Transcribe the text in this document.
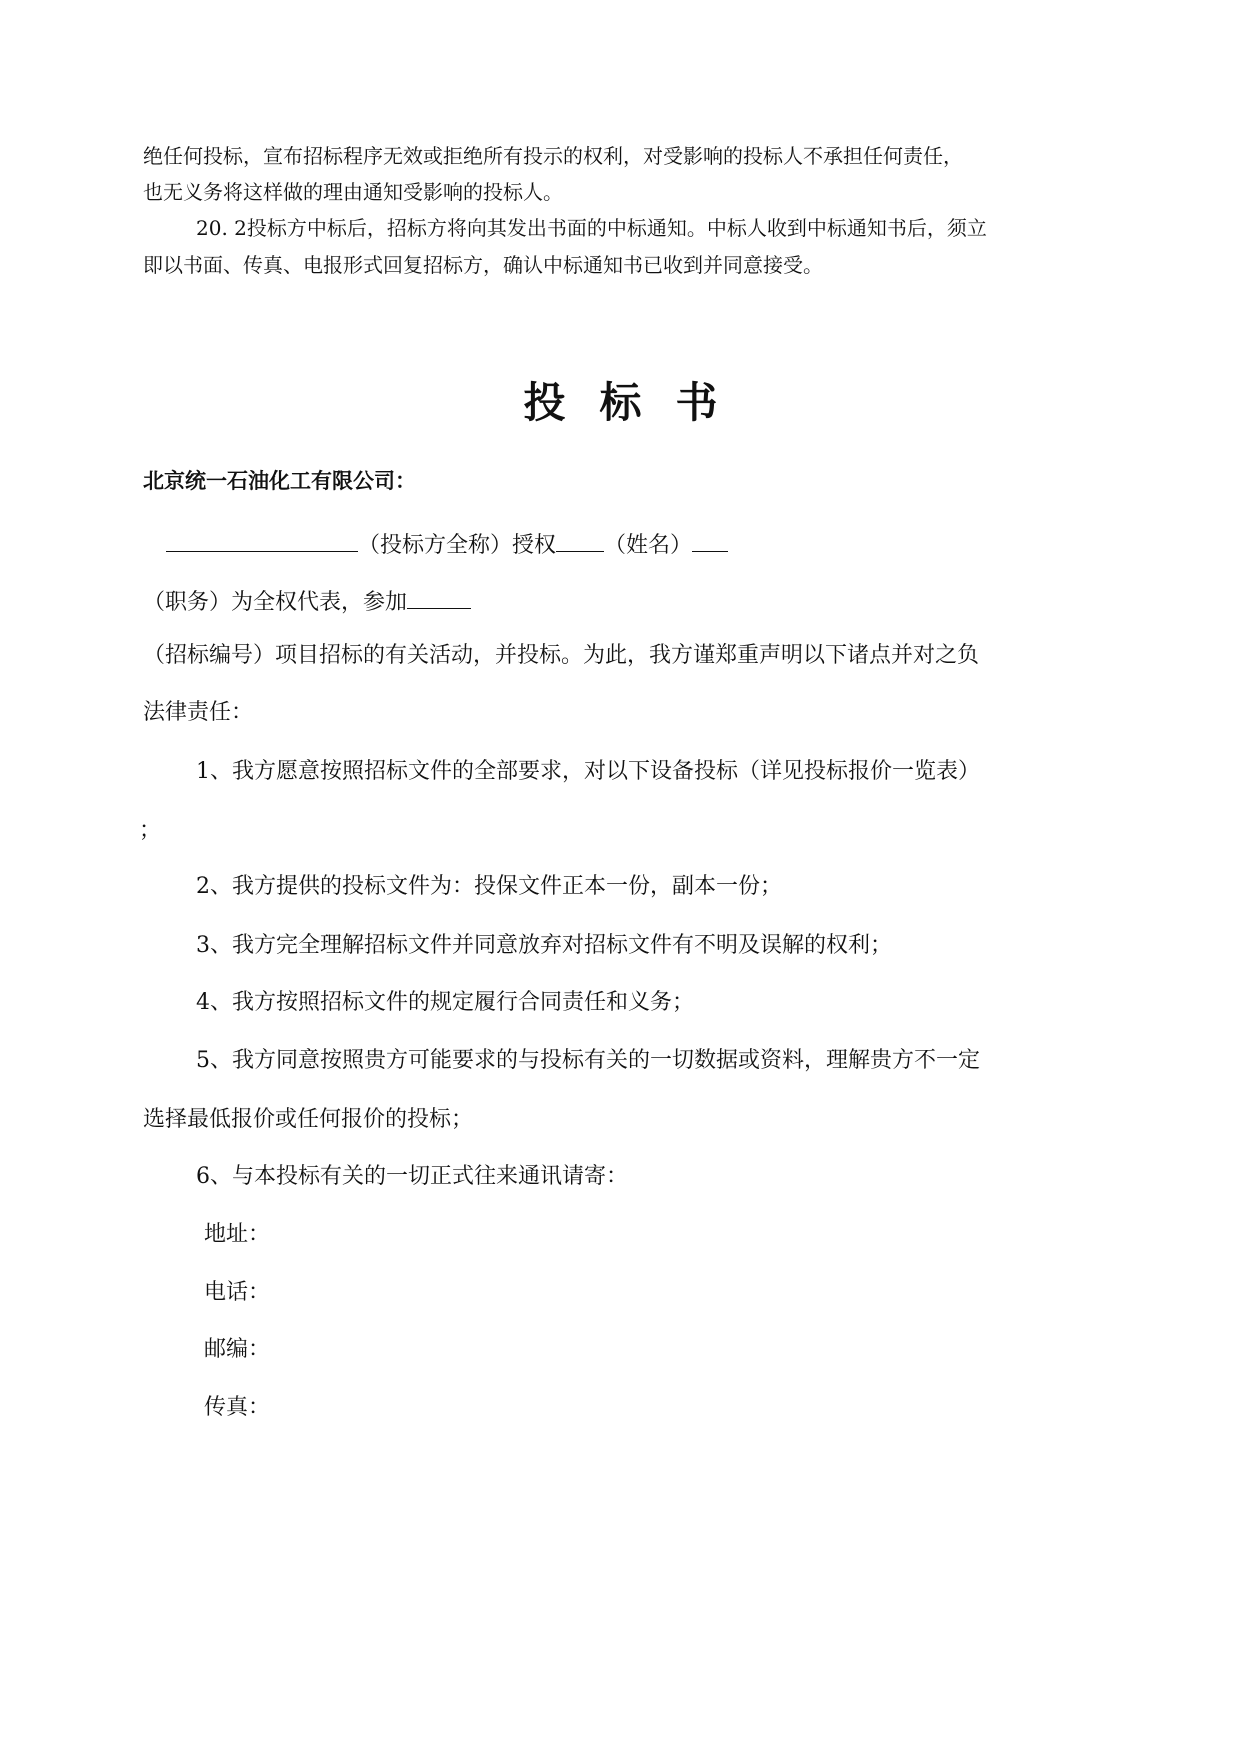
绝任何投标，宣布招标程序无效或拒绝所有投示的权利，对受影响的投标人不承担任何责任，

也无义务将这样做的理由通知受影响的投标人。

20. 2投标方中标后，招标方将向其发出书面的中标通知。中标人收到中标通知书后，须立

即以书面、传真、电报形式回复招标方，确认中标通知书已收到并同意接受。

投标书

北京统一石油化工有限公司：

（投标方全称）授权 （姓名）

（职务）为全权代表，参加

（招标编号）项目招标的有关活动，并投标。为此，我方谨郑重声明以下诸点并对之负

法律责任：

1、我方愿意按照招标文件的全部要求，对以下设备投标（详见投标报价一览表）

；

2、我方提供的投标文件为：投保文件正本一份，副本一份；

3、我方完全理解招标文件并同意放弃对招标文件有不明及误解的权利；

4、我方按照招标文件的规定履行合同责任和义务；

5、我方同意按照贵方可能要求的与投标有关的一切数据或资料，理解贵方不一定

选择最低报价或任何报价的投标；

6、与本投标有关的一切正式往来通讯请寄：

地址：

电话：

邮编：

传真：
